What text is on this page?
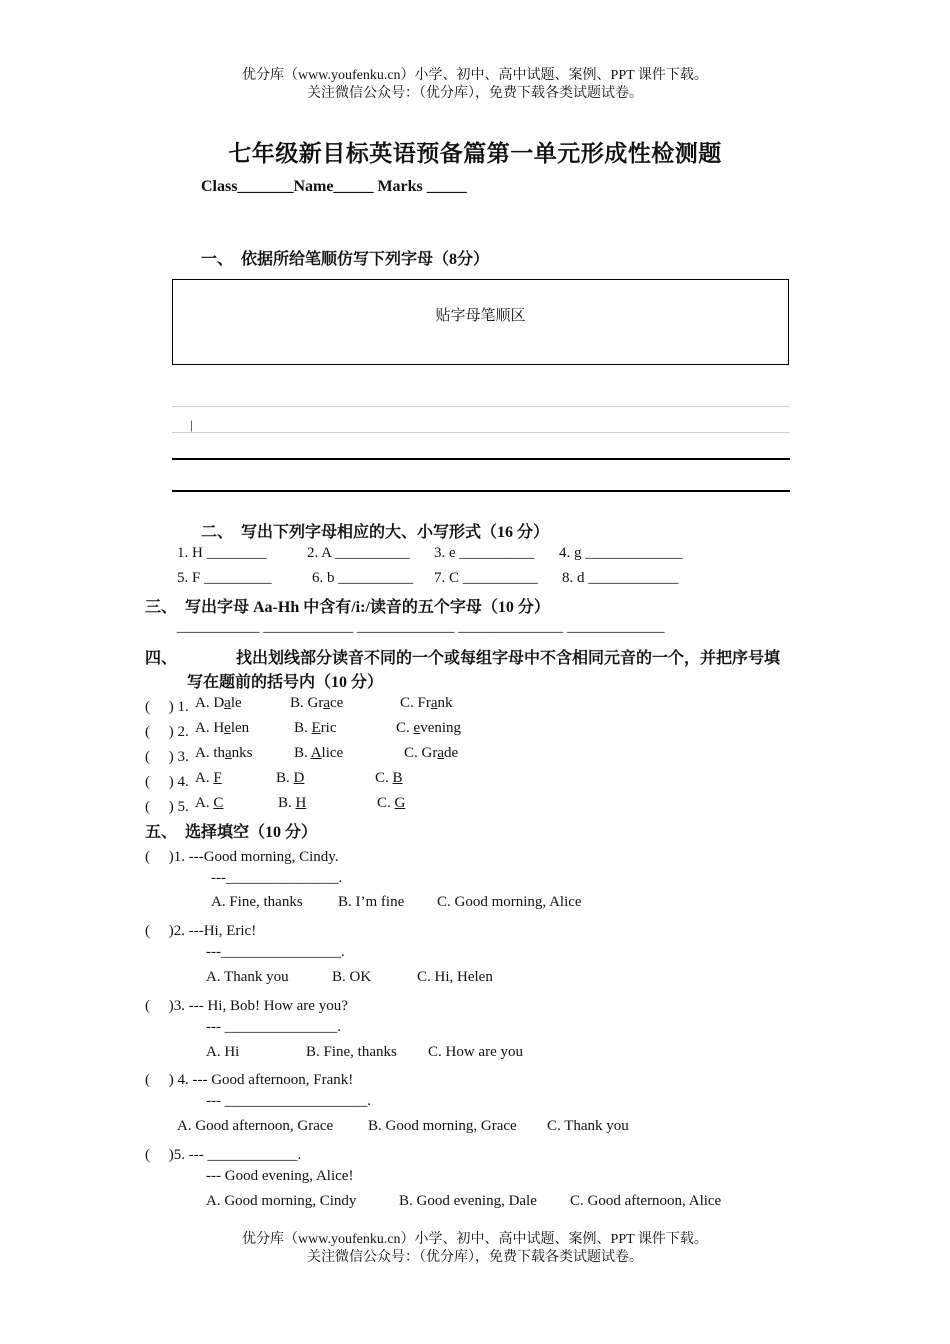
优分库（www.youfenku.cn）小学、初中、高中试题、案例、PPT 课件下载。
关注微信公众号：（优分库），免费下载各类试题试卷。
七年级新目标英语预备篇第一单元形成性检测题
Class_______Name_____ Marks _____
一、　依据所给笔顺仿写下列字母（8分）
贴字母笔顺区
|
二、　写出下列字母相应的大、小写形式（16 分）
1. H ________	2. A __________ 3. e __________ 4. g _____________
5. F _________	6. b __________ 7. C __________ 8. d ____________
三、　写出字母 Aa-Hh 中含有/i:/读音的五个字母（10 分）
___________ ____________ _____________ ______________ _____________
四、	找出划线部分读音不同的一个或每组字母中不含相同元音的一个，并把序号填
写在题前的括号内（10 分）
(　 ) 1. A. Dale	B. Grace	C. Frank
(　 ) 2. A. Helen	B. Eric	C. evening
(　 ) 3. A. thanks	B. Alice	C. Grade
(　 ) 4. A. F	B. D	C. B
(　 ) 5. A. C	B. H	C. G
五、　选择填空（10 分）
(　 )1. ---Good morning, Cindy.
---_______________.
A. Fine, thanks B. I’m fine C. Good morning, Alice
(　 )2. ---Hi, Eric!
---________________.
A. Thank you	B. OK	C. Hi, Helen
(　 )3. --- Hi, Bob! How are you?
--- _______________.
A. Hi	B. Fine, thanks C. How are you
(　 ) 4. --- Good afternoon, Frank!
--- ___________________.
A. Good afternoon, Grace B. Good morning, Grace C. Thank you
(　 )5. --- ____________.
--- Good evening, Alice!
A. Good morning, Cindy	B. Good evening, Dale C. Good afternoon, Alice
优分库（www.youfenku.cn）小学、初中、高中试题、案例、PPT 课件下载。
关注微信公众号：（优分库），免费下载各类试题试卷。
